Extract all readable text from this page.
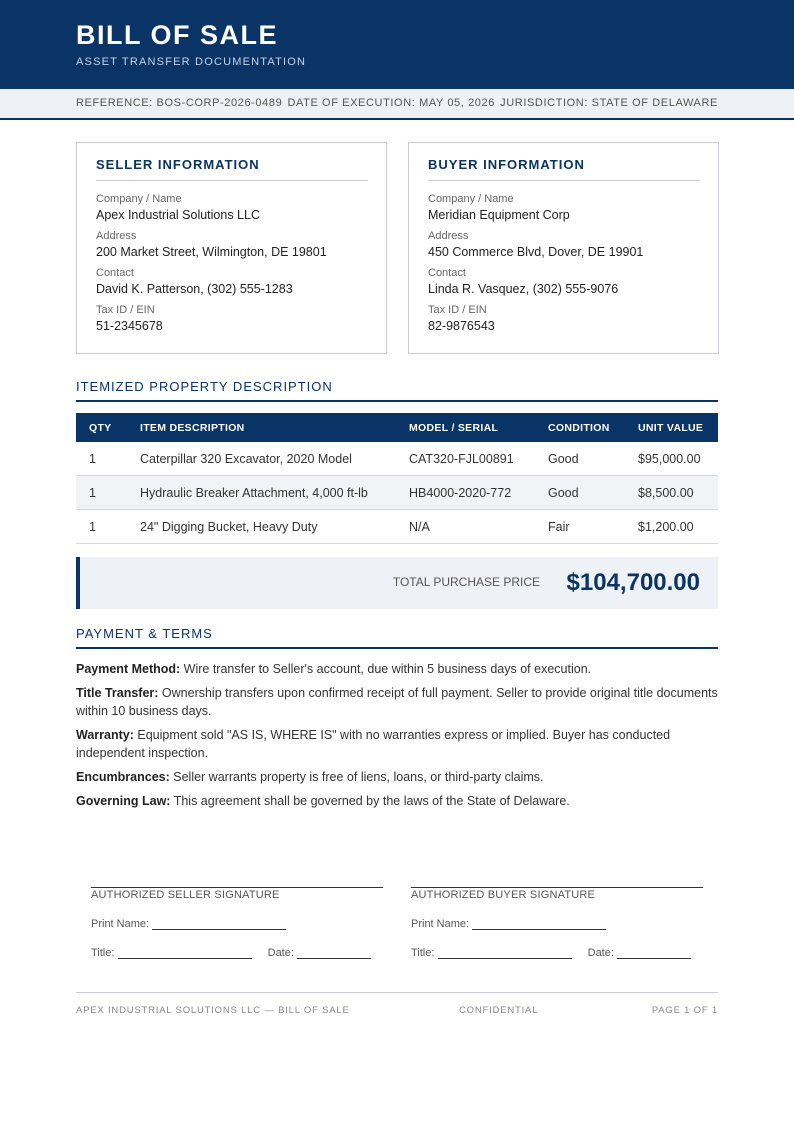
BILL OF SALE
ASSET TRANSFER DOCUMENTATION
REFERENCE: BOS-CORP-2026-0489 DATE OF EXECUTION: MAY 05, 2026 JURISDICTION: STATE OF DELAWARE
SELLER INFORMATION
Company / Name
Apex Industrial Solutions LLC
Address
200 Market Street, Wilmington, DE 19801
Contact
David K. Patterson, (302) 555-1283
Tax ID / EIN
51-2345678
BUYER INFORMATION
Company / Name
Meridian Equipment Corp
Address
450 Commerce Blvd, Dover, DE 19901
Contact
Linda R. Vasquez, (302) 555-9076
Tax ID / EIN
82-9876543
ITEMIZED PROPERTY DESCRIPTION
QTY	ITEM DESCRIPTION	MODEL / SERIAL	CONDITION	UNIT VALUE
1	Caterpillar 320 Excavator, 2020 Model	CAT320-FJL00891	Good	$95,000.00
1	Hydraulic Breaker Attachment, 4,000 ft-lb	HB4000-2020-772	Good	$8,500.00
1	24" Digging Bucket, Heavy Duty	N/A	Fair	$1,200.00
TOTAL PURCHASE PRICE $104,700.00
PAYMENT & TERMS

Payment Method: Wire transfer to Seller's account, due within 5 business days of execution.

Title Transfer: Ownership transfers upon confirmed receipt of full payment. Seller to provide original title documents within 10 business days.

Warranty: Equipment sold "AS IS, WHERE IS" with no warranties express or implied. Buyer has conducted independent inspection.

Encumbrances: Seller warrants property is free of liens, loans, or third-party claims.

Governing Law: This agreement shall be governed by the laws of the State of Delaware.

AUTHORIZED SELLER SIGNATURE
Print Name:
Title:	Date:
AUTHORIZED BUYER SIGNATURE
Print Name:
Title:	Date:
APEX INDUSTRIAL SOLUTIONS LLC — BILL OF SALE	CONFIDENTIAL	PAGE 1 OF 1
